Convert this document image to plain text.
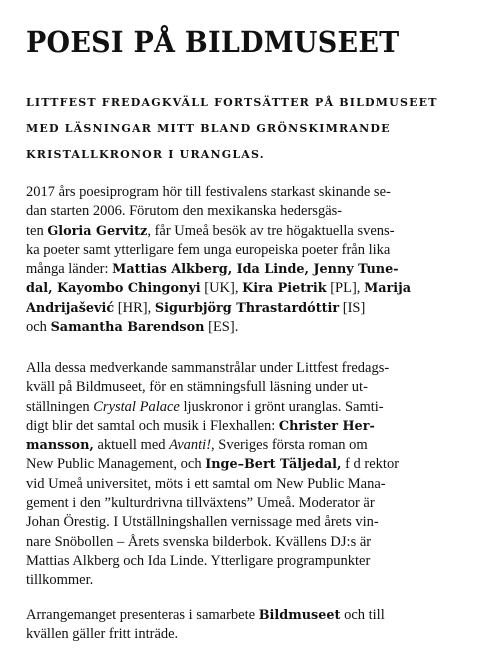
POESI PÅ BILDMUSEET
LITTFEST FREDAGKVÄLL FORTSÄTTER PÅ BILDMUSEET
MED LÄSNINGAR MITT BLAND GRÖNSKIMRANDE
KRISTALLKRONOR I URANGLAS.
2017 års poesiprogram hör till festivalens starkast skinande se-
dan starten 2006. Förutom den mexikanska hedersgäs-
ten Gloria Gervitz, får Umeå besök av tre högaktuella svens-
ka poeter samt ytterligare fem unga europeiska poeter från lika
många länder: Mattias Alkberg, Ida Linde, Jenny Tune-
dal, Kayombo Chingonyi [UK], Kira Pietrik [PL], Marija
Andrijašević [HR], Sigurbjörg Thrastardóttir [IS]
och Samantha Barendson [ES].
Alla dessa medverkande sammanstrålar under Littfest fredags-
kväll på Bildmuseet, för en stämningsfull läsning under ut-
ställningen Crystal Palace ljuskronor i grönt uranglas. Samti-
digt blir det samtal och musik i Flexhallen: Christer Her-
mansson, aktuell med Avanti!, Sveriges första roman om
New Public Management, och Inge–Bert Täljedal, f d rektor
vid Umeå universitet, möts i ett samtal om New Public Mana-
gement i den ”kulturdrivna tillväxtens” Umeå. Moderator är
Johan Örestig. I Utställningshallen vernissage med årets vin-
nare Snöbollen – Årets svenska bilderbok. Kvällens DJ:s är
Mattias Alkberg och Ida Linde. Ytterligare programpunkter
tillkommer.
Arrangemanget presenteras i samarbete Bildmuseet och till
kvällen gäller fritt inträde.
